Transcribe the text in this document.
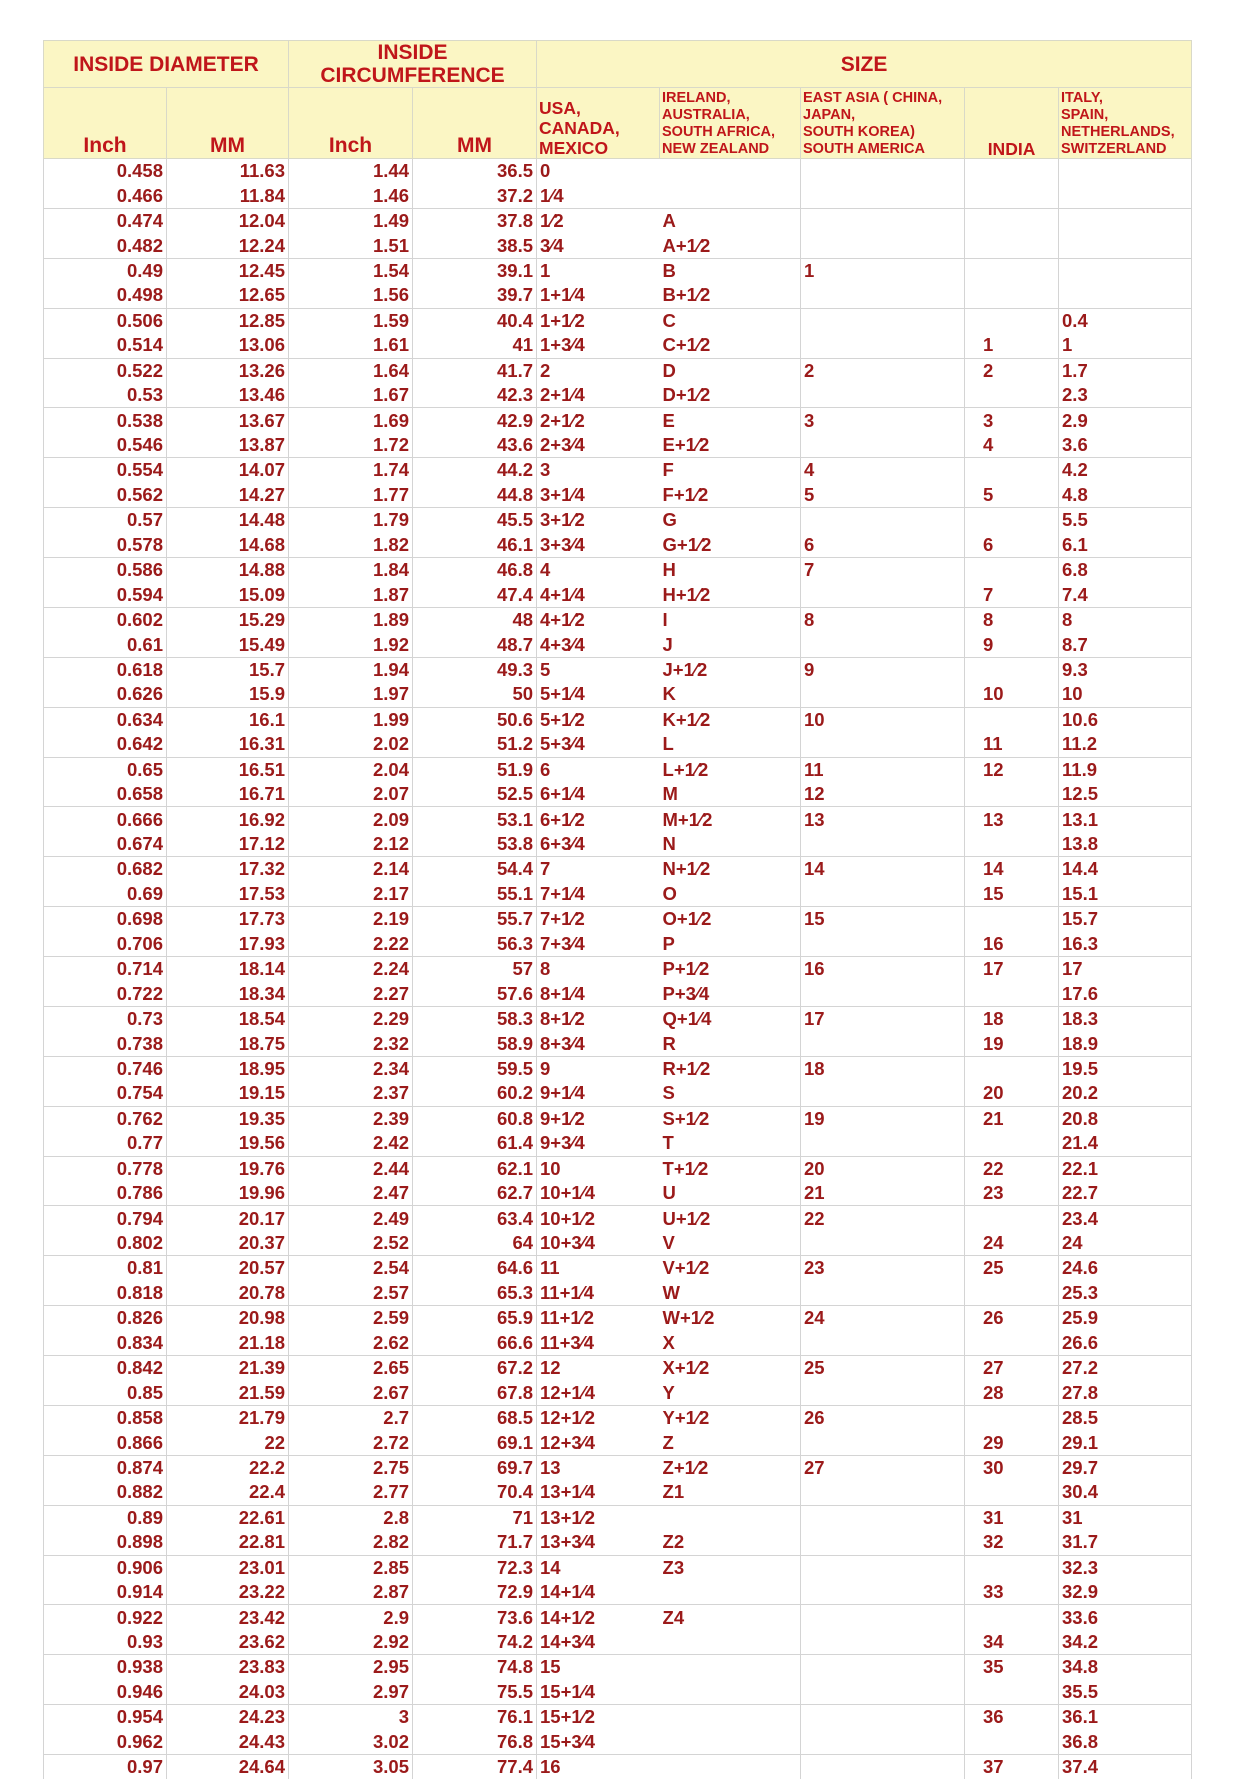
INSIDE DIAMETER		INSIDE
CIRCUMFERENCE		SIZE				
Inch	MM	Inch	MM	USA,
CANADA,
MEXICO	IRELAND,
AUSTRALIA,
SOUTH AFRICA,
NEW ZEALAND	EAST ASIA ( CHINA,
JAPAN,
SOUTH KOREA)
SOUTH AMERICA	INDIA	ITALY,
SPAIN,
NETHERLANDS,
SWITZERLAND
0.458	11.63	1.44	36.5	0				
0.466	11.84	1.46	37.2	1⁄4				
0.474	12.04	1.49	37.8	1⁄2	A			
0.482	12.24	1.51	38.5	3⁄4	A+1⁄2			
0.49	12.45	1.54	39.1	1	B	1		
0.498	12.65	1.56	39.7	1+1⁄4	B+1⁄2			
0.506	12.85	1.59	40.4	1+1⁄2	C			0.4
0.514	13.06	1.61	41	1+3⁄4	C+1⁄2		1	1
0.522	13.26	1.64	41.7	2	D	2	2	1.7
0.53	13.46	1.67	42.3	2+1⁄4	D+1⁄2			2.3
0.538	13.67	1.69	42.9	2+1⁄2	E	3	3	2.9
0.546	13.87	1.72	43.6	2+3⁄4	E+1⁄2		4	3.6
0.554	14.07	1.74	44.2	3	F	4		4.2
0.562	14.27	1.77	44.8	3+1⁄4	F+1⁄2	5	5	4.8
0.57	14.48	1.79	45.5	3+1⁄2	G			5.5
0.578	14.68	1.82	46.1	3+3⁄4	G+1⁄2	6	6	6.1
0.586	14.88	1.84	46.8	4	H	7		6.8
0.594	15.09	1.87	47.4	4+1⁄4	H+1⁄2		7	7.4
0.602	15.29	1.89	48	4+1⁄2	I	8	8	8
0.61	15.49	1.92	48.7	4+3⁄4	J		9	8.7
0.618	15.7	1.94	49.3	5	J+1⁄2	9		9.3
0.626	15.9	1.97	50	5+1⁄4	K		10	10
0.634	16.1	1.99	50.6	5+1⁄2	K+1⁄2	10		10.6
0.642	16.31	2.02	51.2	5+3⁄4	L		11	11.2
0.65	16.51	2.04	51.9	6	L+1⁄2	11	12	11.9
0.658	16.71	2.07	52.5	6+1⁄4	M	12		12.5
0.666	16.92	2.09	53.1	6+1⁄2	M+1⁄2	13	13	13.1
0.674	17.12	2.12	53.8	6+3⁄4	N			13.8
0.682	17.32	2.14	54.4	7	N+1⁄2	14	14	14.4
0.69	17.53	2.17	55.1	7+1⁄4	O		15	15.1
0.698	17.73	2.19	55.7	7+1⁄2	O+1⁄2	15		15.7
0.706	17.93	2.22	56.3	7+3⁄4	P		16	16.3
0.714	18.14	2.24	57	8	P+1⁄2	16	17	17
0.722	18.34	2.27	57.6	8+1⁄4	P+3⁄4			17.6
0.73	18.54	2.29	58.3	8+1⁄2	Q+1⁄4	17	18	18.3
0.738	18.75	2.32	58.9	8+3⁄4	R		19	18.9
0.746	18.95	2.34	59.5	9	R+1⁄2	18		19.5
0.754	19.15	2.37	60.2	9+1⁄4	S		20	20.2
0.762	19.35	2.39	60.8	9+1⁄2	S+1⁄2	19	21	20.8
0.77	19.56	2.42	61.4	9+3⁄4	T			21.4
0.778	19.76	2.44	62.1	10	T+1⁄2	20	22	22.1
0.786	19.96	2.47	62.7	10+1⁄4	U	21	23	22.7
0.794	20.17	2.49	63.4	10+1⁄2	U+1⁄2	22		23.4
0.802	20.37	2.52	64	10+3⁄4	V		24	24
0.81	20.57	2.54	64.6	11	V+1⁄2	23	25	24.6
0.818	20.78	2.57	65.3	11+1⁄4	W			25.3
0.826	20.98	2.59	65.9	11+1⁄2	W+1⁄2	24	26	25.9
0.834	21.18	2.62	66.6	11+3⁄4	X			26.6
0.842	21.39	2.65	67.2	12	X+1⁄2	25	27	27.2
0.85	21.59	2.67	67.8	12+1⁄4	Y		28	27.8
0.858	21.79	2.7	68.5	12+1⁄2	Y+1⁄2	26		28.5
0.866	22	2.72	69.1	12+3⁄4	Z		29	29.1
0.874	22.2	2.75	69.7	13	Z+1⁄2	27	30	29.7
0.882	22.4	2.77	70.4	13+1⁄4	Z1			30.4
0.89	22.61	2.8	71	13+1⁄2			31	31
0.898	22.81	2.82	71.7	13+3⁄4	Z2		32	31.7
0.906	23.01	2.85	72.3	14	Z3			32.3
0.914	23.22	2.87	72.9	14+1⁄4			33	32.9
0.922	23.42	2.9	73.6	14+1⁄2	Z4			33.6
0.93	23.62	2.92	74.2	14+3⁄4			34	34.2
0.938	23.83	2.95	74.8	15			35	34.8
0.946	24.03	2.97	75.5	15+1⁄4				35.5
0.954	24.23	3	76.1	15+1⁄2			36	36.1
0.962	24.43	3.02	76.8	15+3⁄4				36.8
0.97	24.64	3.05	77.4	16			37	37.4
